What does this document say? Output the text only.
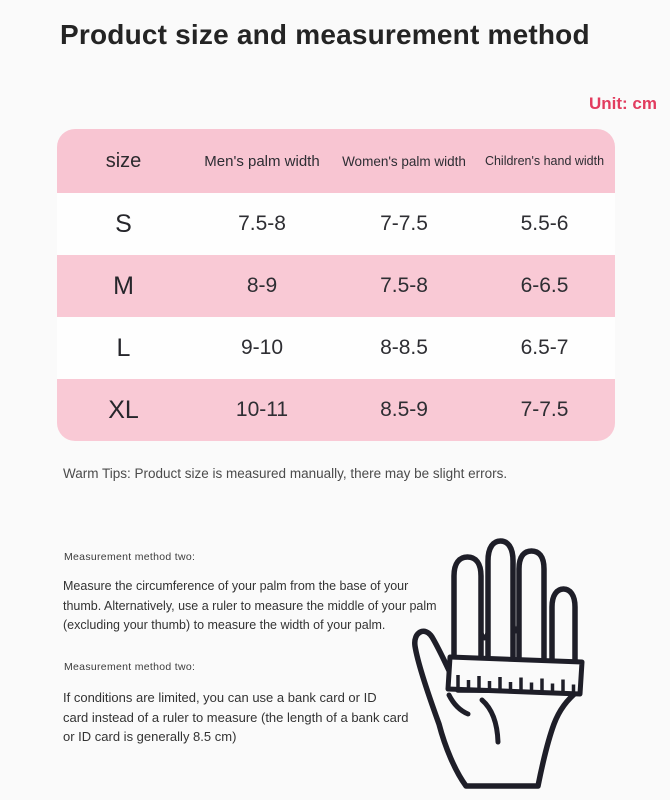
Product size and measurement method
Unit: cm
size	Men's palm width	Women's palm width	Children's hand width
S	7.5-8	7-7.5	5.5-6
M	8-9	7.5-8	6-6.5
L	9-10	8-8.5	6.5-7
XL	10-11	8.5-9	7-7.5
Warm Tips: Product size is measured manually, there may be slight errors.
Measurement method two:
Measure the circumference of your palm from the base of your
thumb. Alternatively, use a ruler to measure the middle of your palm
(excluding your thumb) to measure the width of your palm.
Measurement method two:
If conditions are limited, you can use a bank card or ID
card instead of a ruler to measure (the length of a bank card
or ID card is generally 8.5 cm)
